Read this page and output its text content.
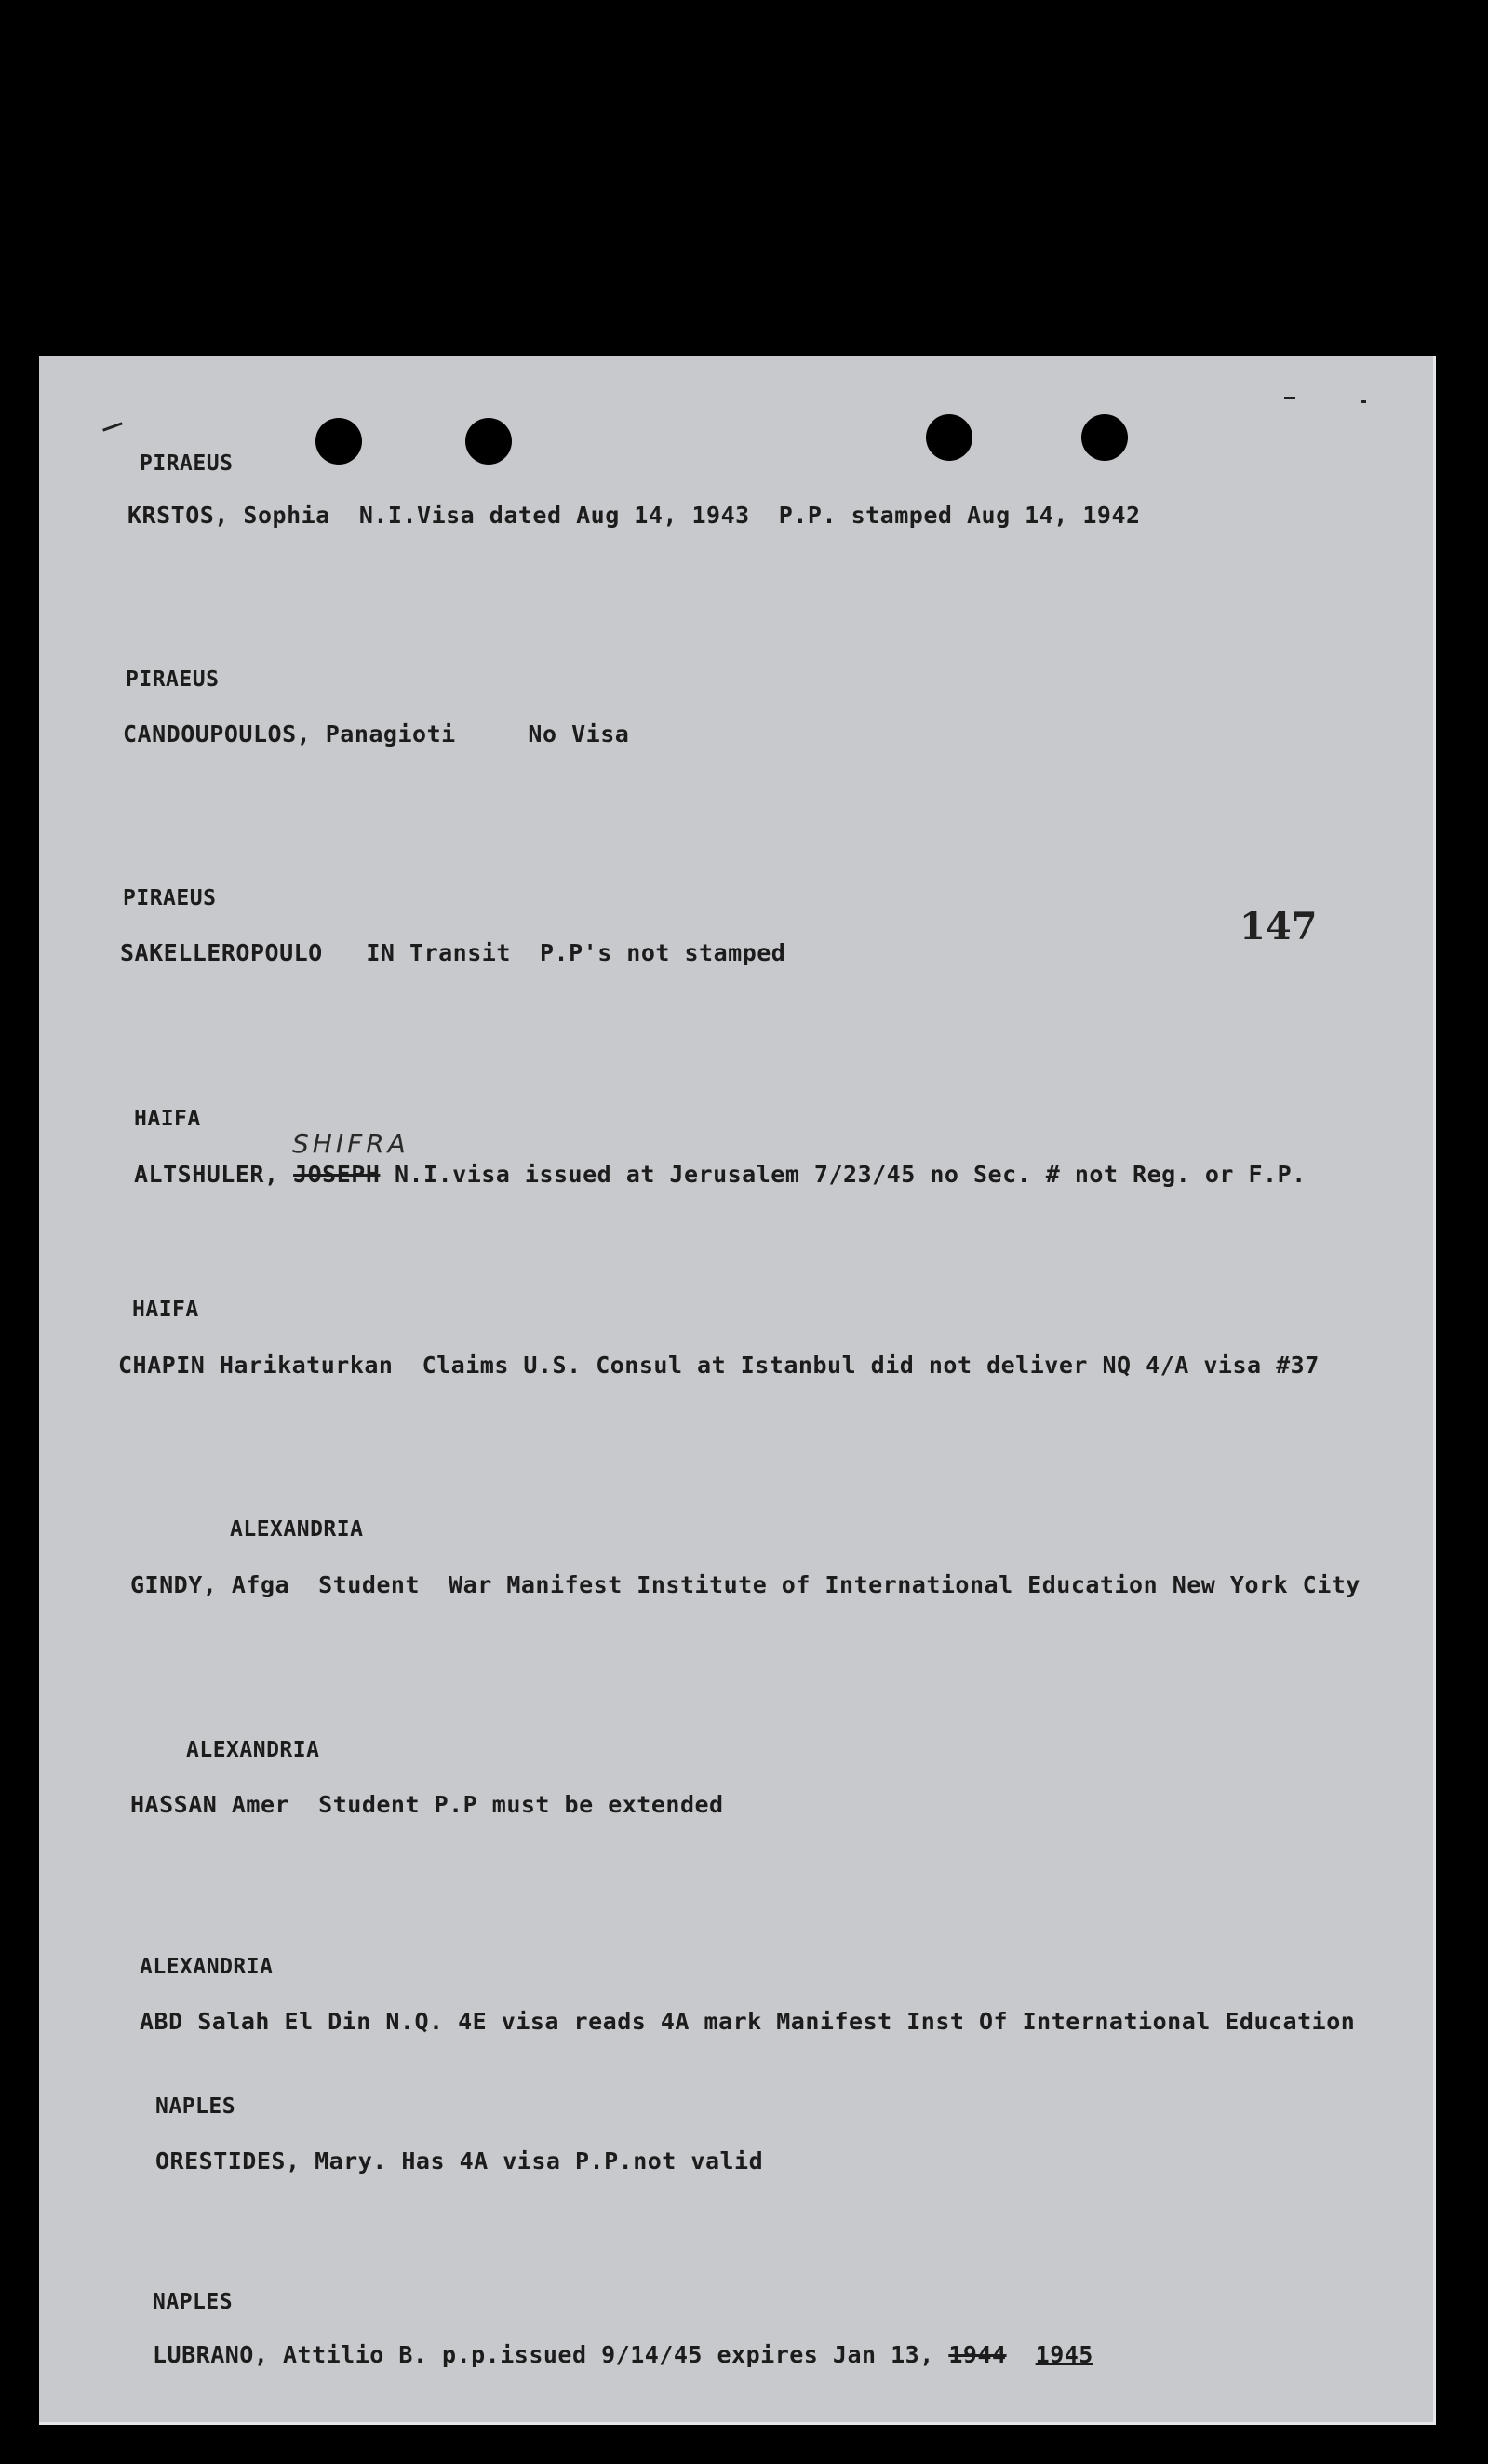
PIRAEUS

KRSTOS, Sophia  N.I.Visa dated Aug 14, 1943  P.P. stamped Aug 14, 1942

PIRAEUS

CANDOUPOULOS, Panagioti     No Visa

147

PIRAEUS

SAKELLEROPOULO   IN Transit  P.P's not stamped

HAIFA

SHIFRA

ALTSHULER, JOSEPH N.I.visa issued at Jerusalem 7/23/45 no Sec. # not Reg. or F.P.

HAIFA

CHAPIN Harikaturkan  Claims U.S. Consul at Istanbul did not deliver NQ 4/A visa #37

ALEXANDRIA

GINDY, Afga  Student  War Manifest Institute of International Education New York City

ALEXANDRIA

HASSAN Amer  Student P.P must be extended

ALEXANDRIA

ABD Salah El Din N.Q. 4E visa reads 4A mark Manifest Inst Of International Education

NAPLES

ORESTIDES, Mary. Has 4A visa P.P.not valid

NAPLES

LUBRANO, Attilio B. p.p.issued 9/14/45 expires Jan 13, 1944 1945
